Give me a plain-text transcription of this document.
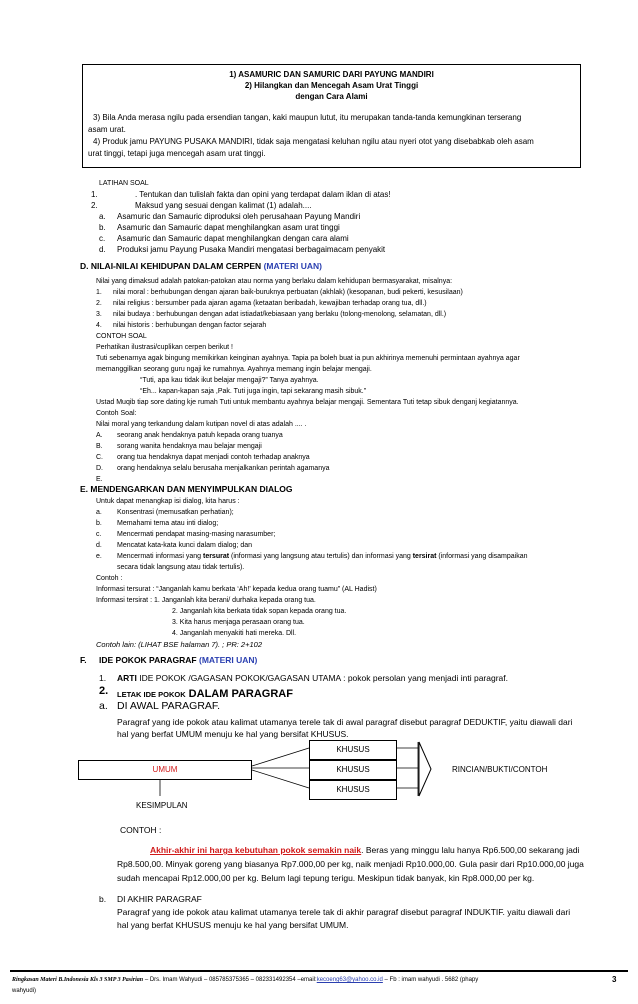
1) ASAMURIC DAN SAMURIC DARI PAYUNG MANDIRI
2) Hilangkan dan Mencegah Asam Urat Tinggi
dengan Cara Alami
3) Bila Anda merasa ngilu pada ersendian tangan, kaki maupun lutut, itu merupakan tanda-tanda kemungkinan terserang
asam urat.
4) Produk jamu PAYUNG PUSAKA MANDIRI, tidak saja mengatasi keluhan ngilu atau nyeri otot yang disebabkab oleh asam
urat tinggi, tetapi juga mencegah asam urat tinggi.
LATIHAN SOAL
1.	. Tentukan dan tulislah fakta dan opini yang terdapat dalam iklan di atas!
2.	Maksud yang sesuai dengan kalimat (1) adalah....
a. Asamuric dan Samauric diproduksi oleh perusahaan Payung Mandiri
b. Asamuric dan Samauric dapat menghilangkan asam urat tinggi
c. Asamuric dan Samauric dapat menghilangkan dengan cara alami
d. Produksi jamu Payung Pusaka Mandiri mengatasi berbagaimacam penyakit
D. NILAI-NILAI KEHIDUPAN DALAM CERPEN (MATERI UAN)
Nilai yang dimaksud adalah patokan-patokan atau norma yang berlaku dalam kehidupan bermasyarakat, misalnya:
1. nilai moral : berhubungan dengan ajaran baik-buruknya perbuatan (akhlak) (kesopanan, budi pekerti, kesusilaan)
2. nilai religius : bersumber pada ajaran agama (ketaatan beribadah, kewajiban terhadap orang tua, dll.)
3. nilai budaya : berhubungan dengan adat istiadat/kebiasaan yang berlaku (tolong-menolong, selamatan, dll.)
4. nilai historis : berhubungan dengan factor sejarah
CONTOH SOAL
Perhatikan ilustrasi/cuplikan cerpen berikut !
Tuti sebenarnya agak bingung memikirkan keinginan ayahnya. Tapia pa boleh buat ia pun akhirinya memenuhi permintaan ayahnya agar
memanggilkan seorang guru ngaji ke rumahnya. Ayahnya memang ingin belajar mengaji.
“Tuti, apa kau tidak ikut belajar mengaji?” Tanya ayahnya.
“Eh... kapan-kapan saja ,Pak. Tuti juga ingin, tapi sekarang masih sibuk.”
Ustad Muqib tiap sore dating kje rumah Tuti untuk membantu ayahnya belajar mengaji. Sementara Tuti tetap sibuk denganj kegiatannya.
Contoh Soal:
Nilai moral yang terkandung dalam kutipan novel di atas adalah .... .
A. seorang anak hendaknya patuh kepada orang tuanya
B. sorang wanita hendaknya mau belajar mengaji
C. orang tua hendaknya dapat menjadi contoh terhadap anaknya
D. orang hendaknya selalu berusaha menjalkankan perintah agamanya
E.
E. MENDENGARKAN DAN MENYIMPULKAN DIALOG
Untuk dapat menangkap isi dialog, kita harus :
a. Konsentrasi (memusatkan perhatian);
b. Memahami tema atau inti dialog;
c. Mencermati pendapat masing-masing narasumber;
d. Mencatat kata-kata kunci dalam dialog; dan
e. Mencermati informasi yang tersurat (informasi yang langsung atau tertulis) dan informasi yang tersirat (informasi yang disampaikan
secara tidak langsung atau tidak tertulis).
Contoh :
Informasi tersurat : “Janganlah kamu berkata ‘Ah!’ kepada kedua orang tuamu” (AL Hadist)
Informasi tersirat : 1. Janganlah kita berani/ durhaka kepada orang tua.
2. Janganlah kita berkata tidak sopan kepada orang tua.
3. Kita harus menjaga perasaan orang tua.
4. Janganlah menyakiti hati mereka. Dll.
Contoh lain: (LIHAT BSE halaman 7). ; PR: 2+102
F. IDE POKOK PARAGRAF (MATERI UAN)
1. ARTI IDE POKOK /GAGASAN POKOK/GAGASAN UTAMA : pokok persolan yang menjadi inti paragraf.
2. LETAK IDE POKOK DALAM PARAGRAF
a. DI AWAL PARAGRAF.
Paragraf yang ide pokok atau kalimat utamanya terele tak di awal paragraf disebut paragraf DEDUKTIF, yaitu diawali dari
hal yang berfat UMUM menuju ke hal yang bersifat KHUSUS.
KHUSUS
KHUSUS
KHUSUS
UMUM	RINCIAN/BUKTI/CONTOH
KESIMPULAN
CONTOH :
Akhir-akhir ini harga kebutuhan pokok semakin naik. Beras yang minggu lalu hanya Rp6.500,00 sekarang jadi
Rp8.500,00. Minyak goreng yang biasanya Rp7.000,00 per kg, naik menjadi Rp10.000,00. Gula pasir dari Rp10.000,00 juga
sudah mencapai Rp12.000,00 per kg. Belum lagi tepung terigu. Meskipun tidak banyak, kin Rp8.000,00 per kg.
b. DI AKHIR PARAGRAF
Paragraf yang ide pokok atau kalimat utamanya terele tak di akhir paragraf disebut paragraf INDUKTIF. yaitu diawali dari
hal yang berfat KHUSUS menuju ke hal yang bersifat UMUM.
Ringkasan Materi B.Indonesia Kls 3 SMP 3 Pasirian – Drs. Imam Wahyudi – 085785375365 – 082331492354 –email:kecoeng63@yahoo.co.id – Fb : imam wahyudi . 5682 (phapy
wahyudi)
3
